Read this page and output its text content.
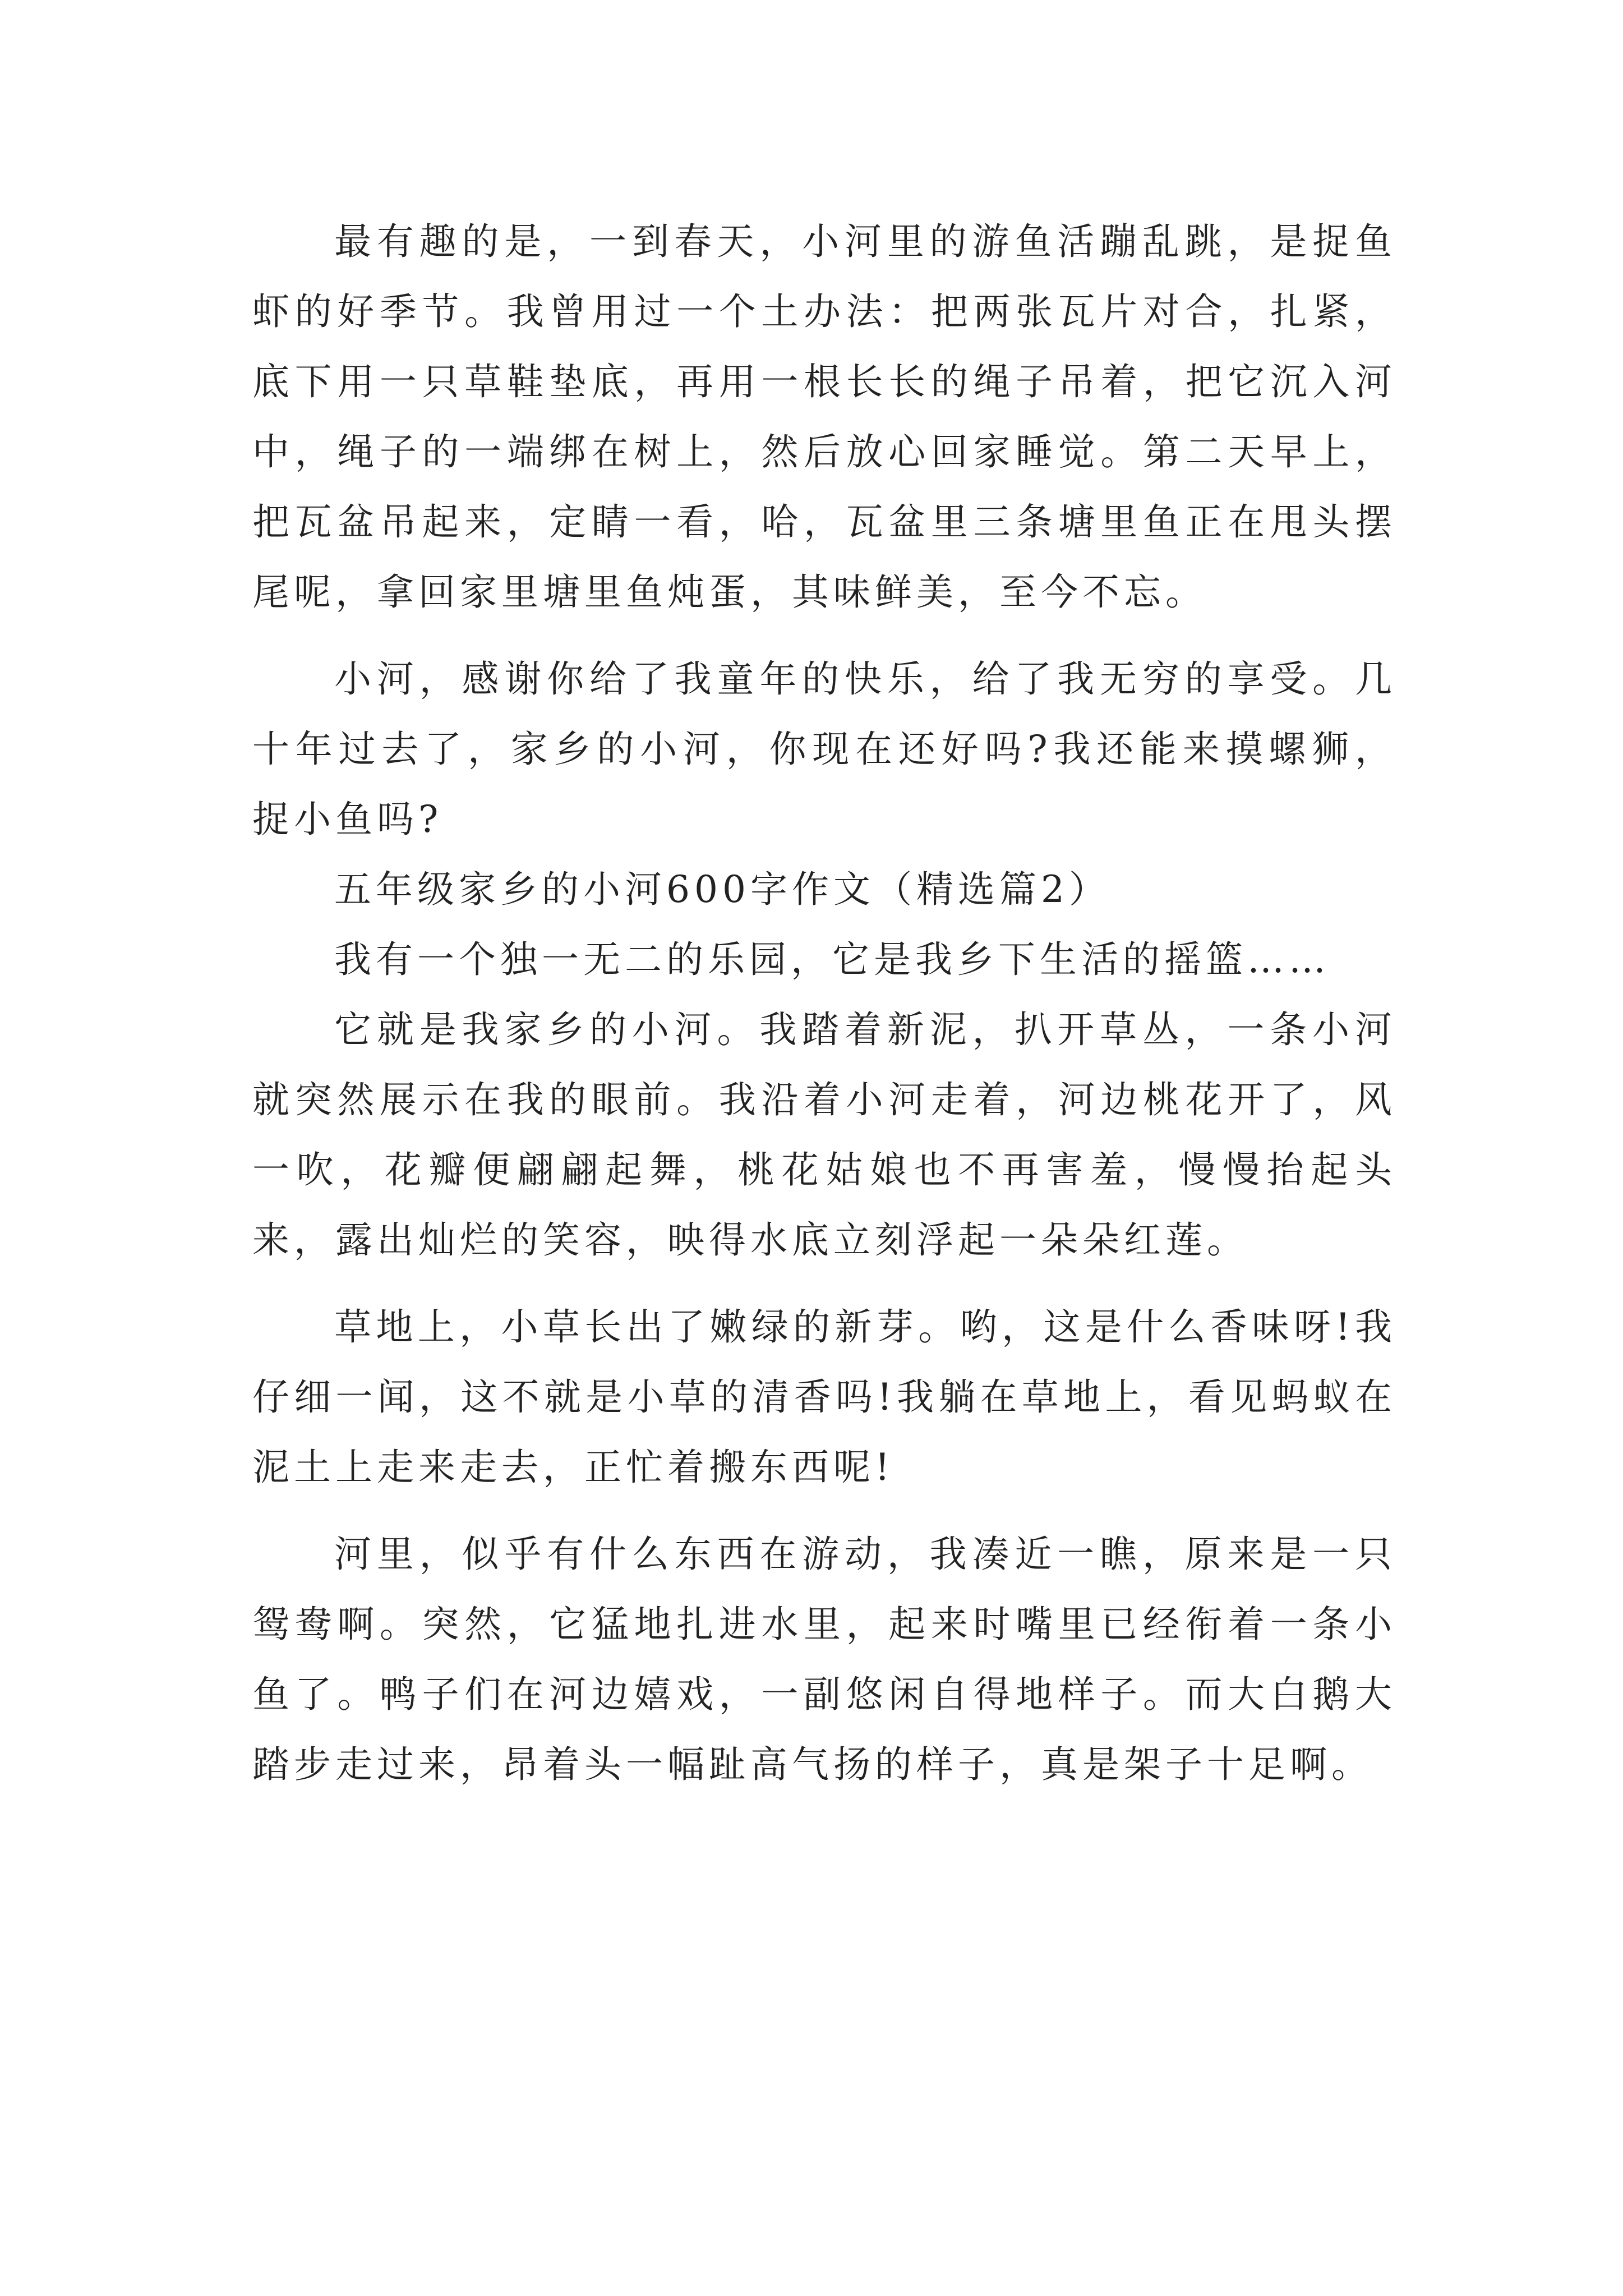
最有趣的是，一到春天，小河里的游鱼活蹦乱跳，是捉鱼虾的好季节。我曾用过一个土办法：把两张瓦片对合，扎紧，底下用一只草鞋垫底，再用一根长长的绳子吊着，把它沉入河中，绳子的一端绑在树上，然后放心回家睡觉。第二天早上，把瓦盆吊起来，定睛一看，哈，瓦盆里三条塘里鱼正在甩头摆尾呢，拿回家里塘里鱼炖蛋，其味鲜美，至今不忘。

小河，感谢你给了我童年的快乐，给了我无穷的享受。几十年过去了，家乡的小河，你现在还好吗?我还能来摸螺狮，捉小鱼吗?

五年级家乡的小河600字作文（精选篇2）

我有一个独一无二的乐园，它是我乡下生活的摇篮……

它就是我家乡的小河。我踏着新泥，扒开草丛，一条小河就突然展示在我的眼前。我沿着小河走着，河边桃花开了，风一吹，花瓣便翩翩起舞，桃花姑娘也不再害羞，慢慢抬起头来，露出灿烂的笑容，映得水底立刻浮起一朵朵红莲。

草地上，小草长出了嫩绿的新芽。哟，这是什么香味呀!我仔细一闻，这不就是小草的清香吗!我躺在草地上，看见蚂蚁在泥土上走来走去，正忙着搬东西呢!

河里，似乎有什么东西在游动，我凑近一瞧，原来是一只鸳鸯啊。突然，它猛地扎进水里，起来时嘴里已经衔着一条小鱼了。鸭子们在河边嬉戏，一副悠闲自得地样子。而大白鹅大踏步走过来，昂着头一幅趾高气扬的样子，真是架子十足啊。
